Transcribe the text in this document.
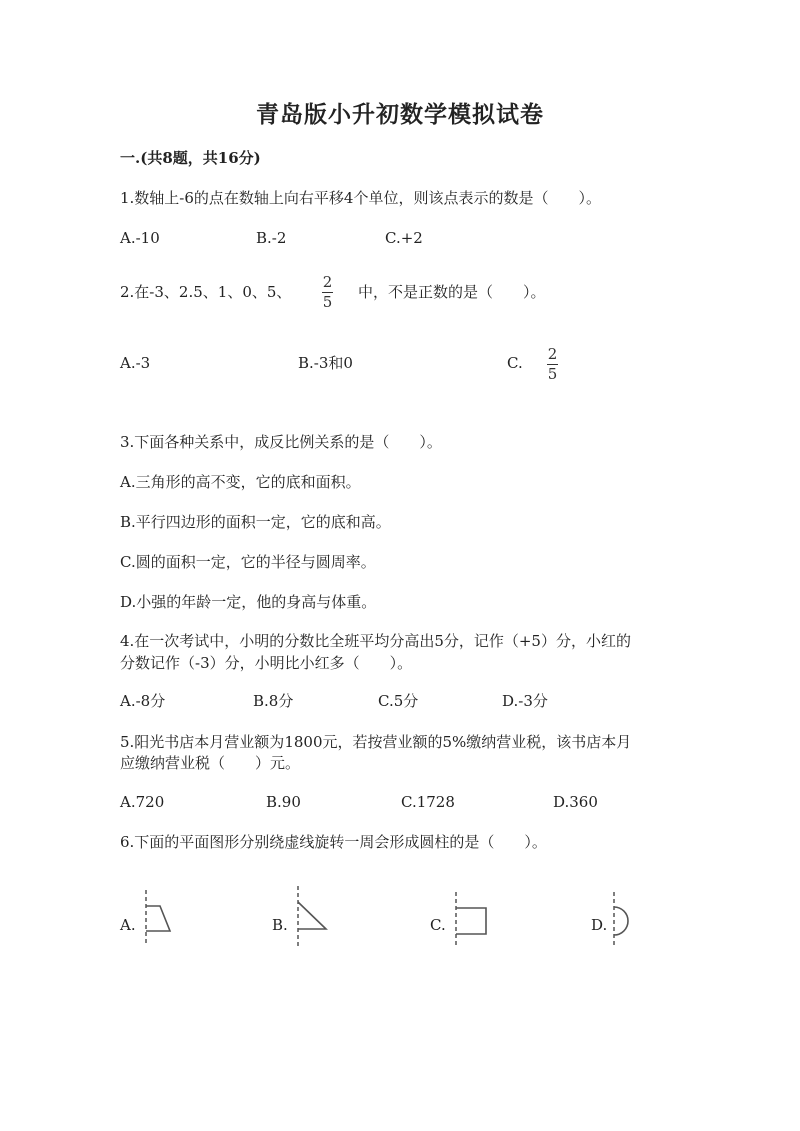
青岛版小升初数学模拟试卷
一.(共8题，共16分)
1.数轴上-6的点在数轴上向右平移4个单位，则该点表示的数是（　　）。
A.-10	B.-2	C.+2
2.在-3、2.5、1、0、5、
2
5
中，不是正数的是（　　）。
A.-3	B.-3和0	C. 2
5
3.下面各种关系中，成反比例关系的是（　　）。
A.三角形的高不变，它的底和面积。
B.平行四边形的面积一定，它的底和高。
C.圆的面积一定，它的半径与圆周率。
D.小强的年龄一定，他的身高与体重。
4.在一次考试中，小明的分数比全班平均分高出5分，记作（+5）分，小红的
分数记作（-3）分，小明比小红多（　　）。
A.-8分	B.8分	C.5分	D.-3分
5.阳光书店本月营业额为1800元，若按营业额的5%缴纳营业税，该书店本月
应缴纳营业税（　　）元。
A.720	B.90	C.1728	D.360
6.下面的平面图形分别绕虚线旋转一周会形成圆柱的是（　　）。
A.	B.	C.	D.
